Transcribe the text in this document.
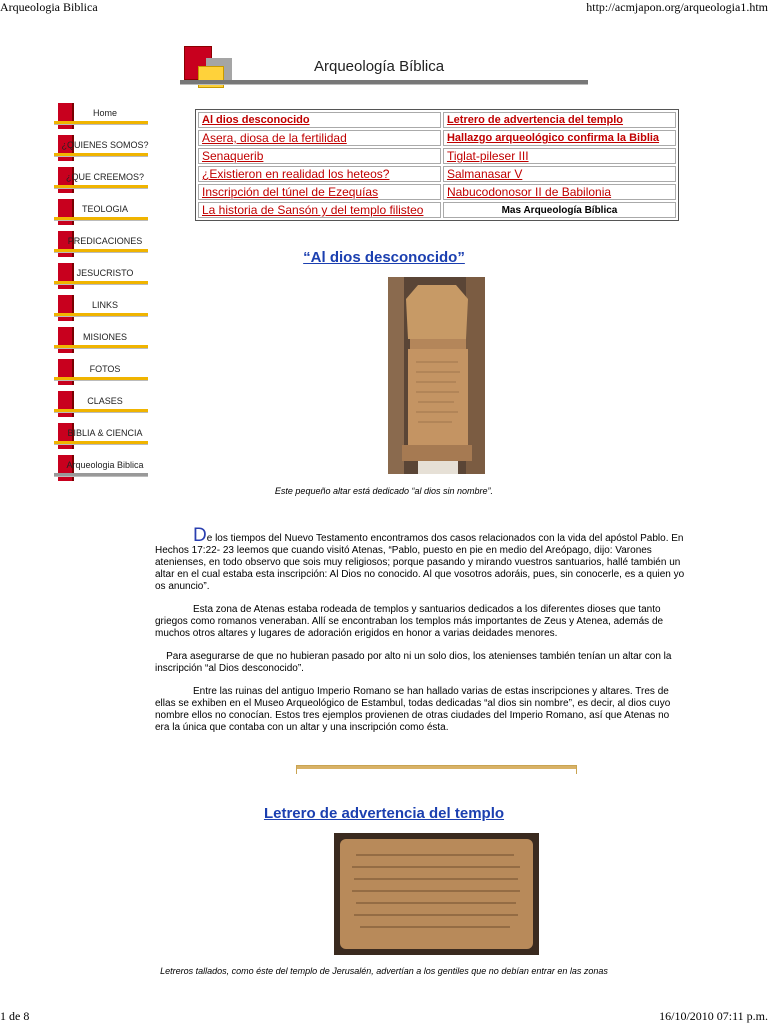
Arqueologia Biblica	http://acmjapon.org/arqueologia1.htm
Arqueología Bíblica
Home
¿QUIENES SOMOS?
¿QUE CREEMOS?
TEOLOGIA
PREDICACIONES
JESUCRISTO
LINKS
MISIONES
FOTOS
CLASES
BIBLIA & CIENCIA
Arqueologia Biblica
Al dios desconocido	Letrero de advertencia del templo
Asera, diosa de la fertilidad	Hallazgo arqueológico confirma la Biblia
Senaquerib	Tiglat-pileser III
¿Existieron en realidad los heteos?	Salmanasar V
Inscripción del túnel de Ezequías	Nabucodonosor II de Babilonia
La historia de Sansón y del templo filisteo	Mas Arqueología Bíblica
“Al dios desconocido”

Este pequeño altar está dedicado “al dios sin nombre”.

De los tiempos del Nuevo Testamento encontramos dos casos relacionados con la vida del apóstol Pablo. En Hechos 17:22- 23 leemos que cuando visitó Atenas, “Pablo, puesto en pie en medio del Areópago, dijo: Varones atenienses, en todo observo que sois muy religiosos; porque pasando y mirando vuestros santuarios, hallé también un altar en el cual estaba esta inscripción: Al Dios no conocido. Al que vosotros adoráis, pues, sin conocerle, es a quien yo os anuncio”.

Esta zona de Atenas estaba rodeada de templos y santuarios dedicados a los diferentes dioses que tanto griegos como romanos veneraban. Allí se encontraban los templos más importantes de Zeus y Atenea, además de muchos otros altares y lugares de adoración erigidos en honor a varias deidades menores.

Para asegurarse de que no hubieran pasado por alto ni un solo dios, los atenienses también tenían un altar con la inscripción “al Dios desconocido”.

Entre las ruinas del antiguo Imperio Romano se han hallado varias de estas inscripciones y altares. Tres de ellas se exhiben en el Museo Arqueológico de Estambul, todas dedicadas “al dios sin nombre”, es decir, al dios cuyo nombre ellos no conocían. Estos tres ejemplos provienen de otras ciudades del Imperio Romano, así que Atenas no era la única que contaba con un altar y una inscripción como ésta.

Letrero de advertencia del templo

Letreros tallados, como éste del templo de Jerusalén, advertían a los gentiles que no debían entrar en las zonas

1 de 8	16/10/2010 07:11 p.m.
